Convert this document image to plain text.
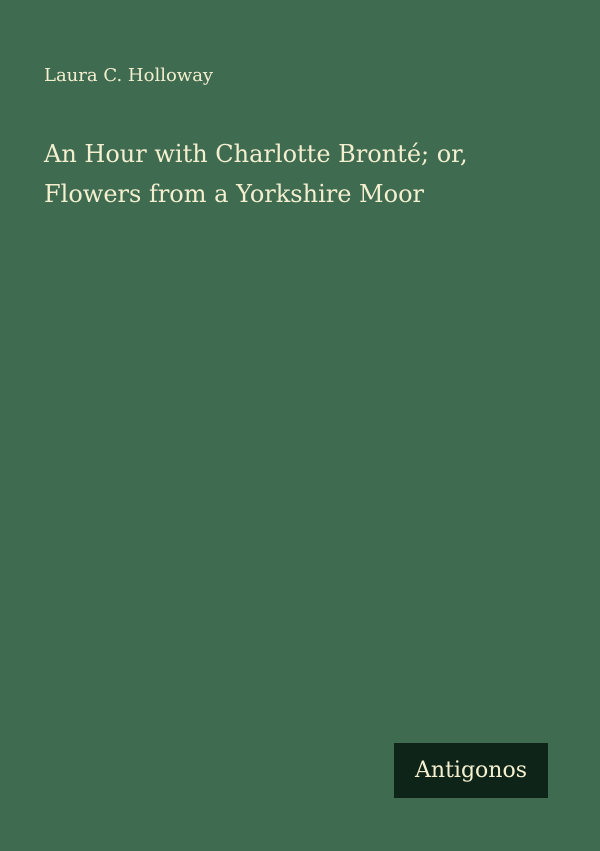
Laura C. Holloway
An Hour with Charlotte Bronté; or,
Flowers from a Yorkshire Moor
Antigonos
